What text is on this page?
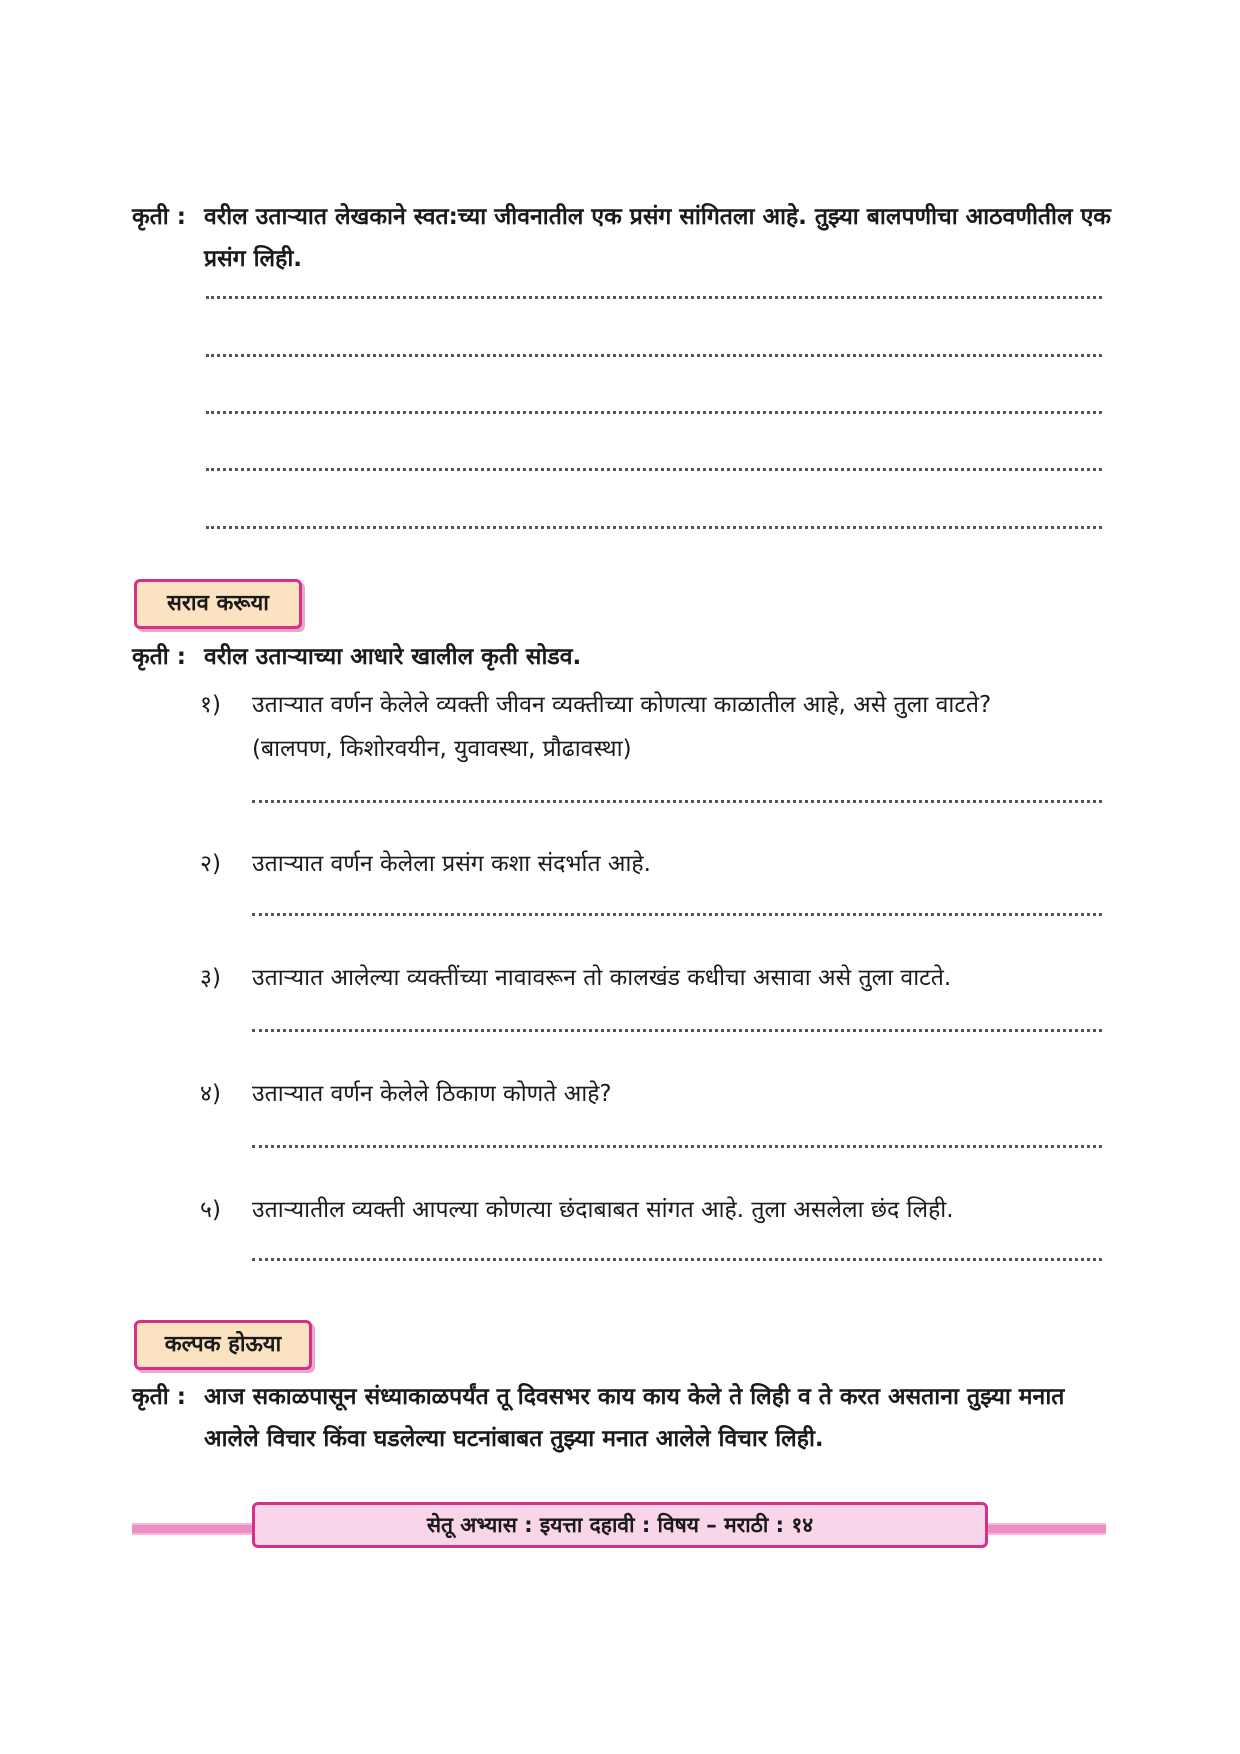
कृती : वरील उताऱ्यात लेखकाने स्वत:च्या जीवनातील एक प्रसंग सांगितला आहे. तुझ्या बालपणीचा आठवणीतील एक प्रसंग लिही.
सराव करूया
कृती : वरील उताऱ्याच्या आधारे खालील कृती सोडव.
१)	उताऱ्यात वर्णन केलेले व्यक्ती जीवन व्यक्तीच्या कोणत्या काळातील आहे, असे तुला वाटते?
(बालपण, किशोरवयीन, युवावस्था, प्रौढावस्था)
२)	उताऱ्यात वर्णन केलेला प्रसंग कशा संदर्भात आहे.
३)	उताऱ्यात आलेल्या व्यक्तींच्या नावावरून तो कालखंड कधीचा असावा असे तुला वाटते.
४)	उताऱ्यात वर्णन केलेले ठिकाण कोणते आहे?
५)	उताऱ्यातील व्यक्ती आपल्या कोणत्या छंदाबाबत सांगत आहे. तुला असलेला छंद लिही.
कल्पक होऊया
कृती : आज सकाळपासून संध्याकाळपर्यंत तू दिवसभर काय काय केले ते लिही व ते करत असताना तुझ्या मनात आलेले विचार किंवा घडलेल्या घटनांबाबत तुझ्या मनात आलेले विचार लिही.
सेतू अभ्यास : इयत्ता दहावी : विषय – मराठी : १४
